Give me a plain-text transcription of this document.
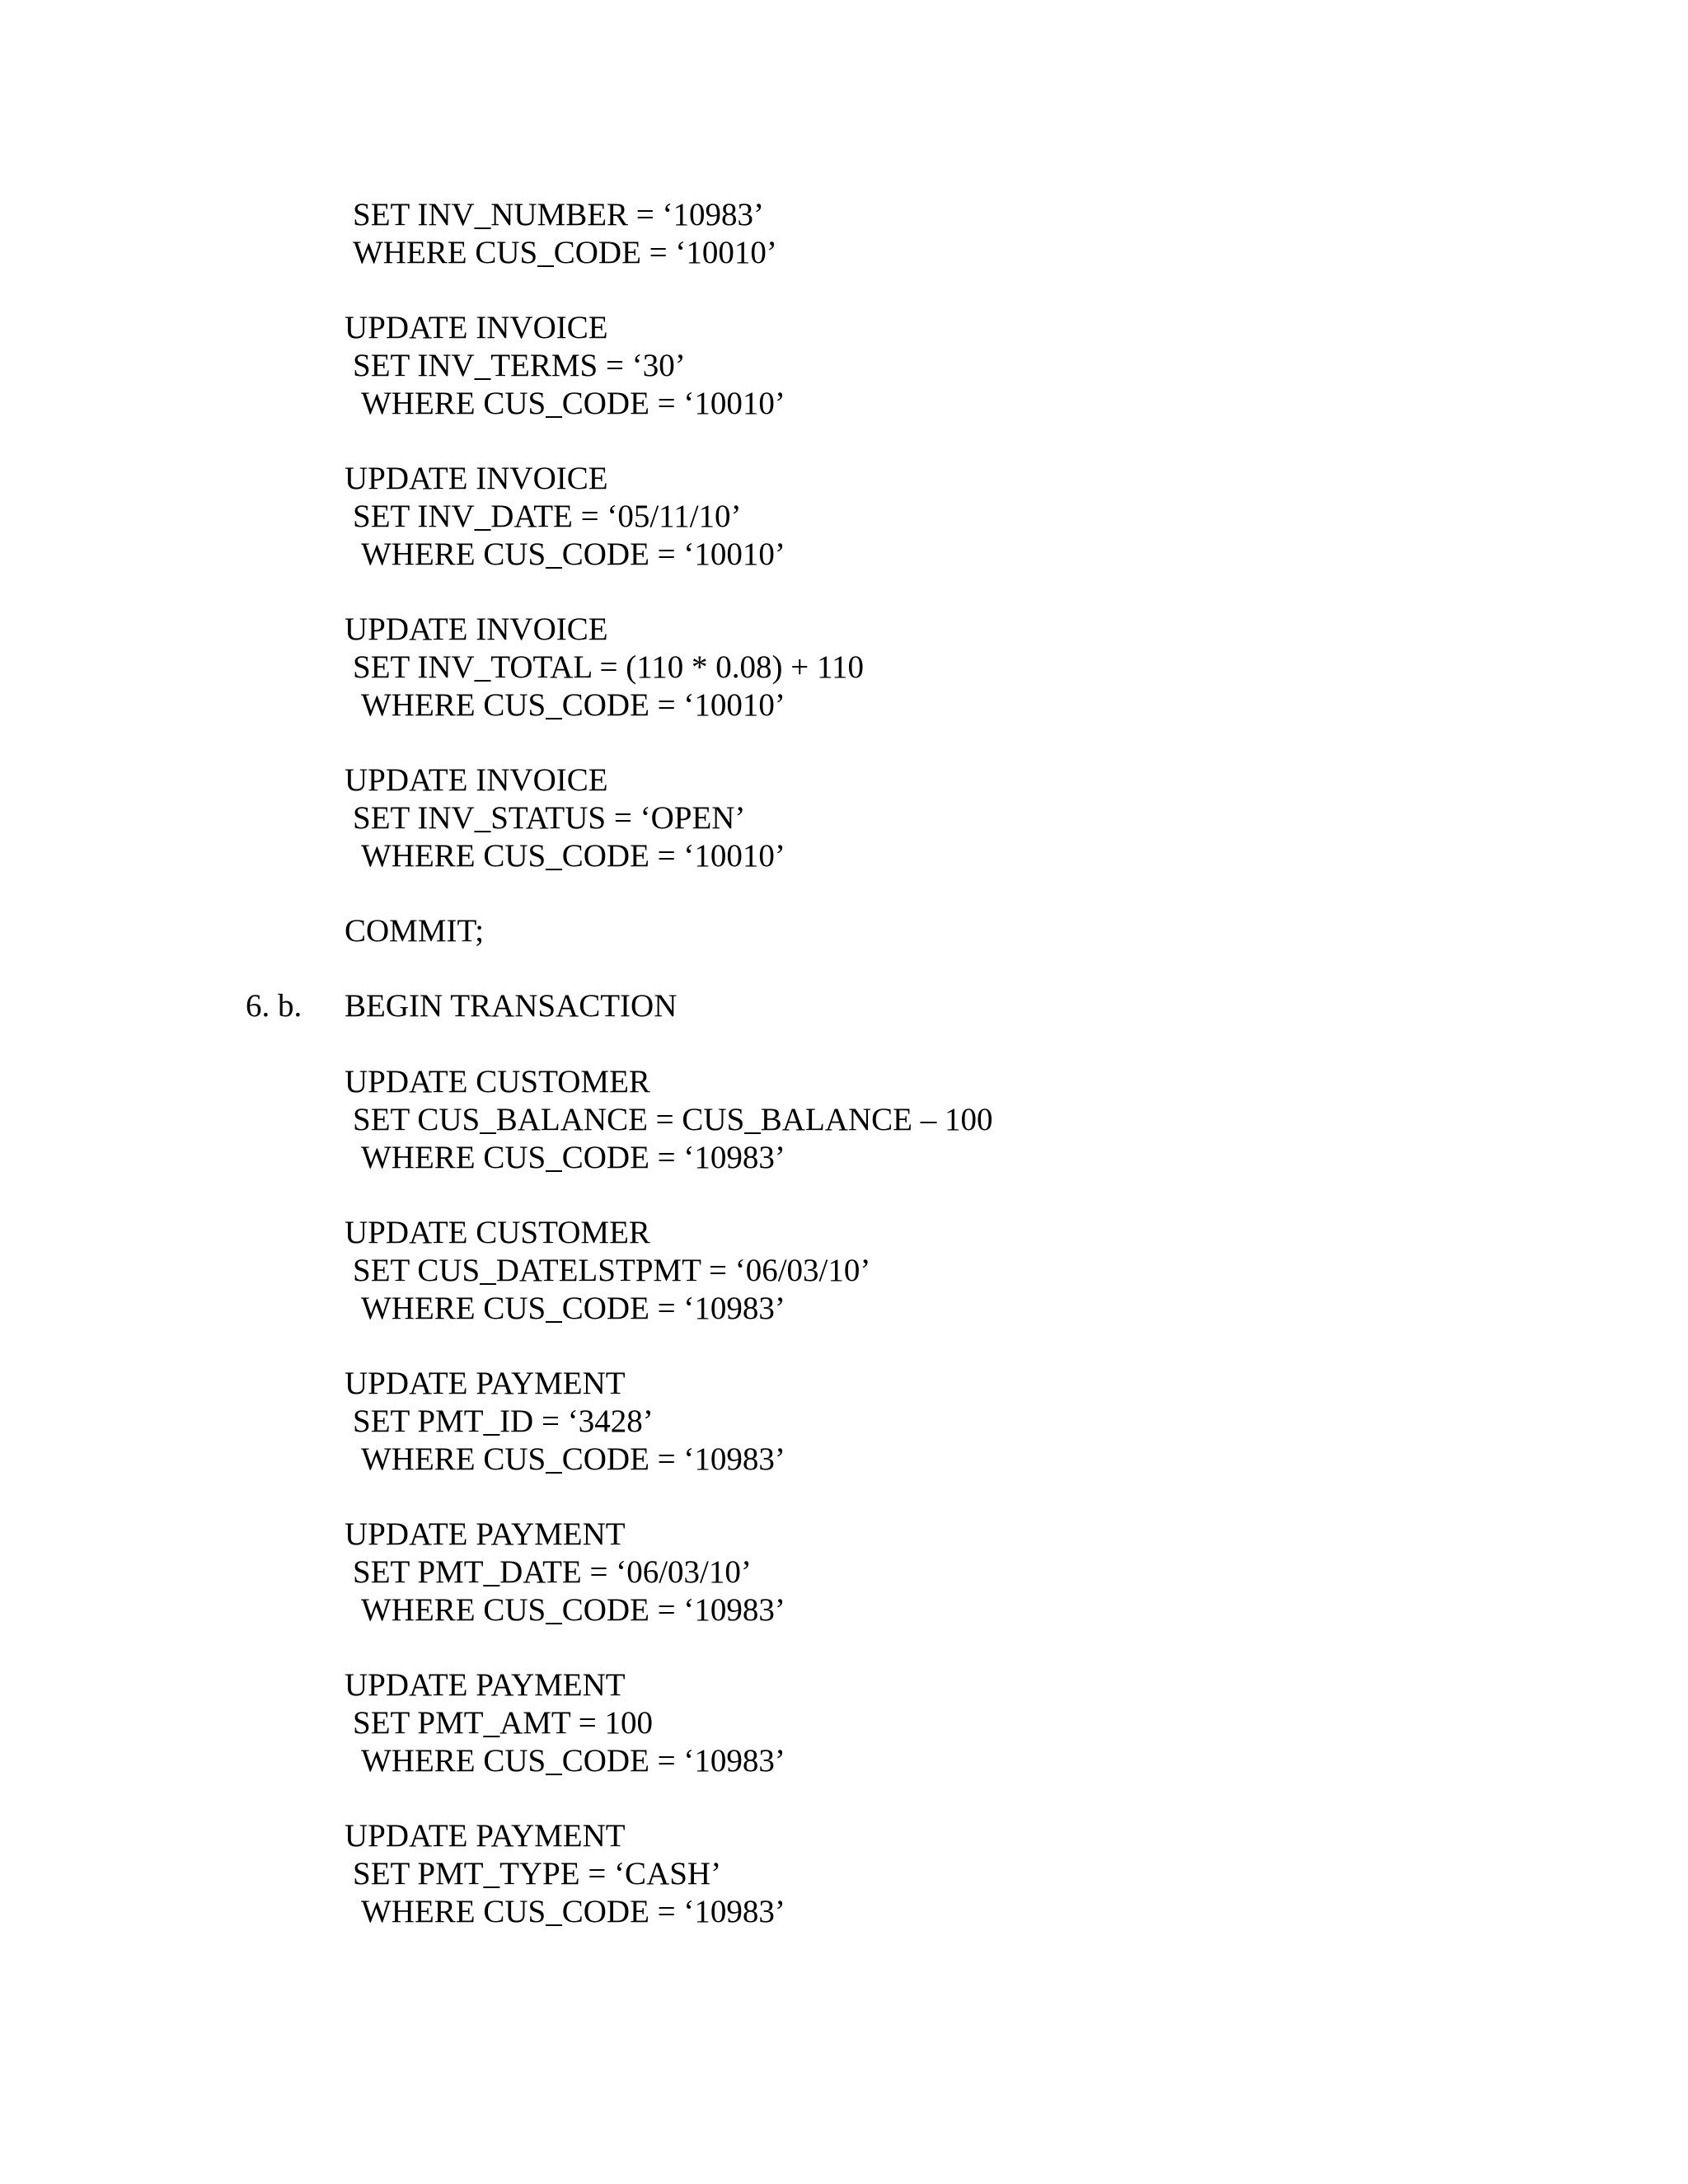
SET INV_NUMBER = ‘10983’

WHERE CUS_CODE = ‘10010’

UPDATE INVOICE

SET INV_TERMS = ‘30’

WHERE CUS_CODE = ‘10010’

UPDATE INVOICE

SET INV_DATE = ‘05/11/10’

WHERE CUS_CODE = ‘10010’

UPDATE INVOICE

SET INV_TOTAL = (110 * 0.08) + 110

WHERE CUS_CODE = ‘10010’

UPDATE INVOICE

SET INV_STATUS = ‘OPEN’

WHERE CUS_CODE = ‘10010’

COMMIT;

6. b. BEGIN TRANSACTION

UPDATE CUSTOMER

SET CUS_BALANCE = CUS_BALANCE – 100

WHERE CUS_CODE = ‘10983’

UPDATE CUSTOMER

SET CUS_DATELSTPMT = ‘06/03/10’

WHERE CUS_CODE = ‘10983’

UPDATE PAYMENT

SET PMT_ID = ‘3428’

WHERE CUS_CODE = ‘10983’

UPDATE PAYMENT

SET PMT_DATE = ‘06/03/10’

WHERE CUS_CODE = ‘10983’

UPDATE PAYMENT

SET PMT_AMT = 100

WHERE CUS_CODE = ‘10983’

UPDATE PAYMENT

SET PMT_TYPE = ‘CASH’

WHERE CUS_CODE = ‘10983’
